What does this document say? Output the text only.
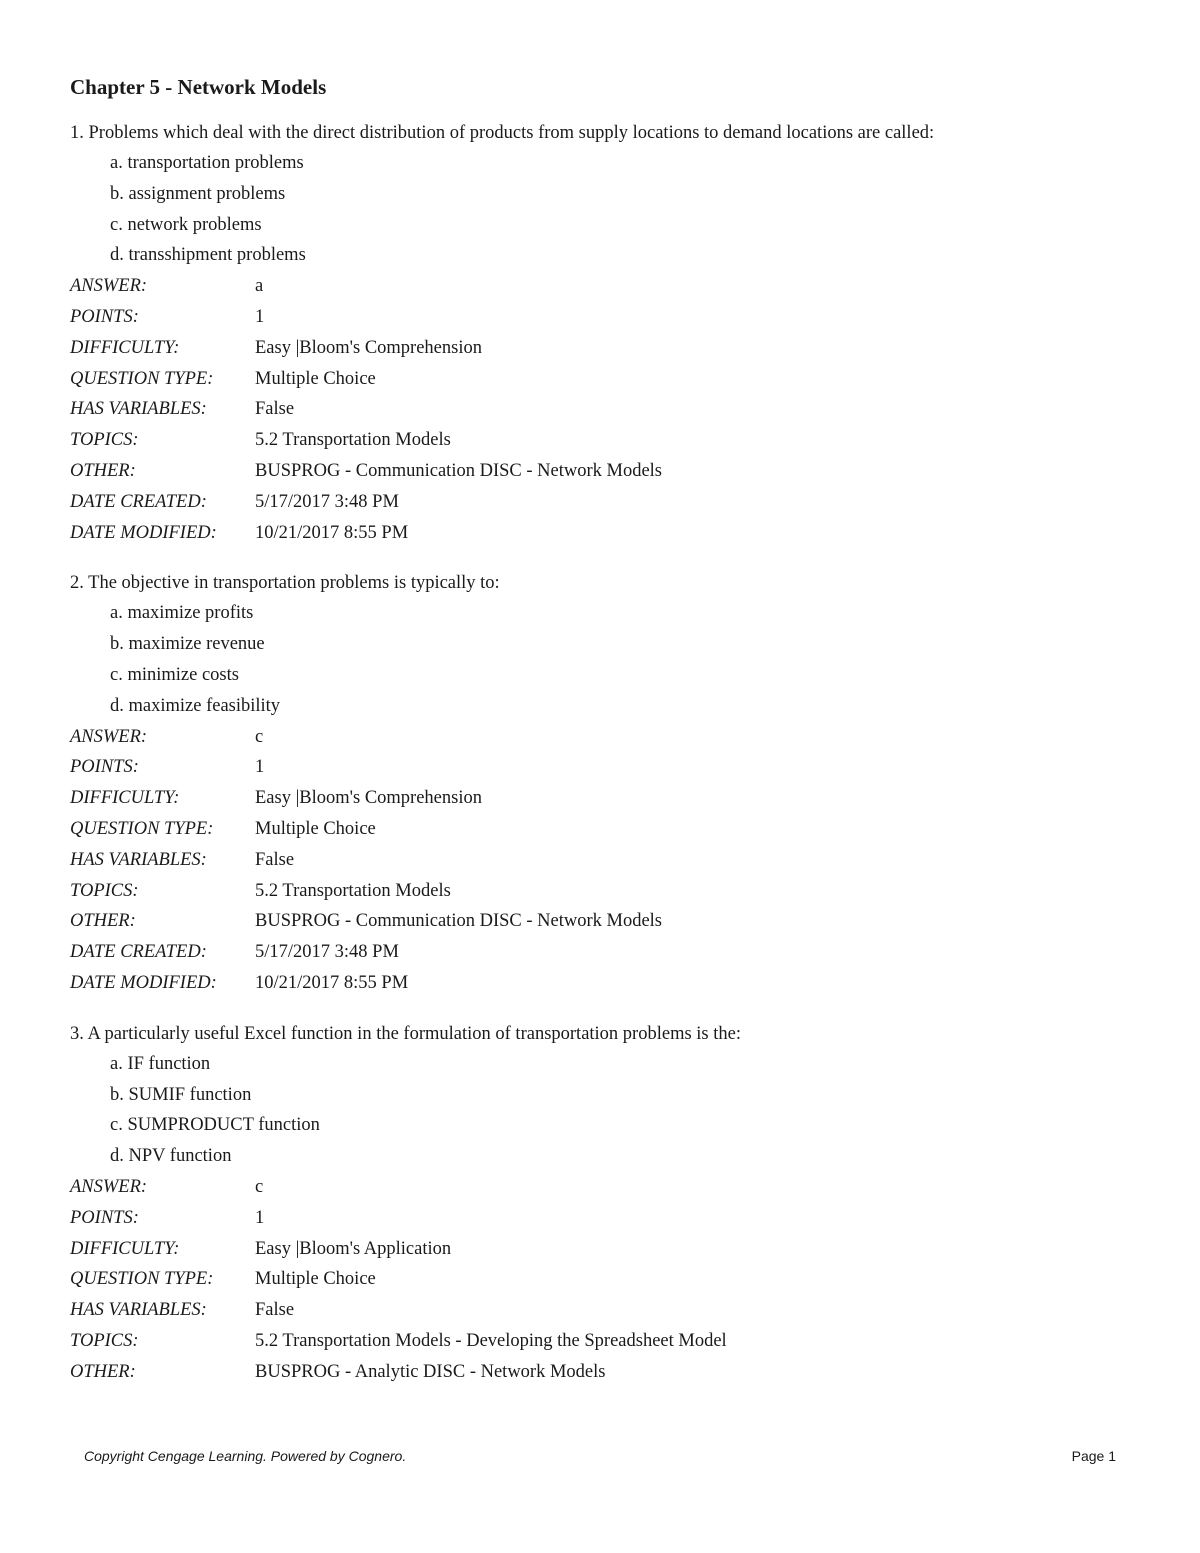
Chapter 5 - Network Models

1. Problems which deal with the direct distribution of products from supply locations to demand locations are called:

a. transportation problems
b. assignment problems
c. network problems
d. transshipment problems
ANSWER:	a
POINTS:	1
DIFFICULTY:	Easy |Bloom's Comprehension
QUESTION TYPE:	Multiple Choice
HAS VARIABLES:	False
TOPICS:	5.2 Transportation Models
OTHER:	BUSPROG - Communication DISC - Network Models
DATE CREATED:	5/17/2017 3:48 PM
DATE MODIFIED:	10/21/2017 8:55 PM

2. The objective in transportation problems is typically to:

a. maximize profits
b. maximize revenue
c. minimize costs
d. maximize feasibility
ANSWER:	c
POINTS:	1
DIFFICULTY:	Easy |Bloom's Comprehension
QUESTION TYPE:	Multiple Choice
HAS VARIABLES:	False
TOPICS:	5.2 Transportation Models
OTHER:	BUSPROG - Communication DISC - Network Models
DATE CREATED:	5/17/2017 3:48 PM
DATE MODIFIED:	10/21/2017 8:55 PM

3. A particularly useful Excel function in the formulation of transportation problems is the:

a. IF function
b. SUMIF function
c. SUMPRODUCT function
d. NPV function
ANSWER:	c
POINTS:	1
DIFFICULTY:	Easy |Bloom's Application
QUESTION TYPE:	Multiple Choice
HAS VARIABLES:	False
TOPICS:	5.2 Transportation Models - Developing the Spreadsheet Model
OTHER:	BUSPROG - Analytic DISC - Network Models
Copyright Cengage Learning. Powered by Cognero.	Page 1
